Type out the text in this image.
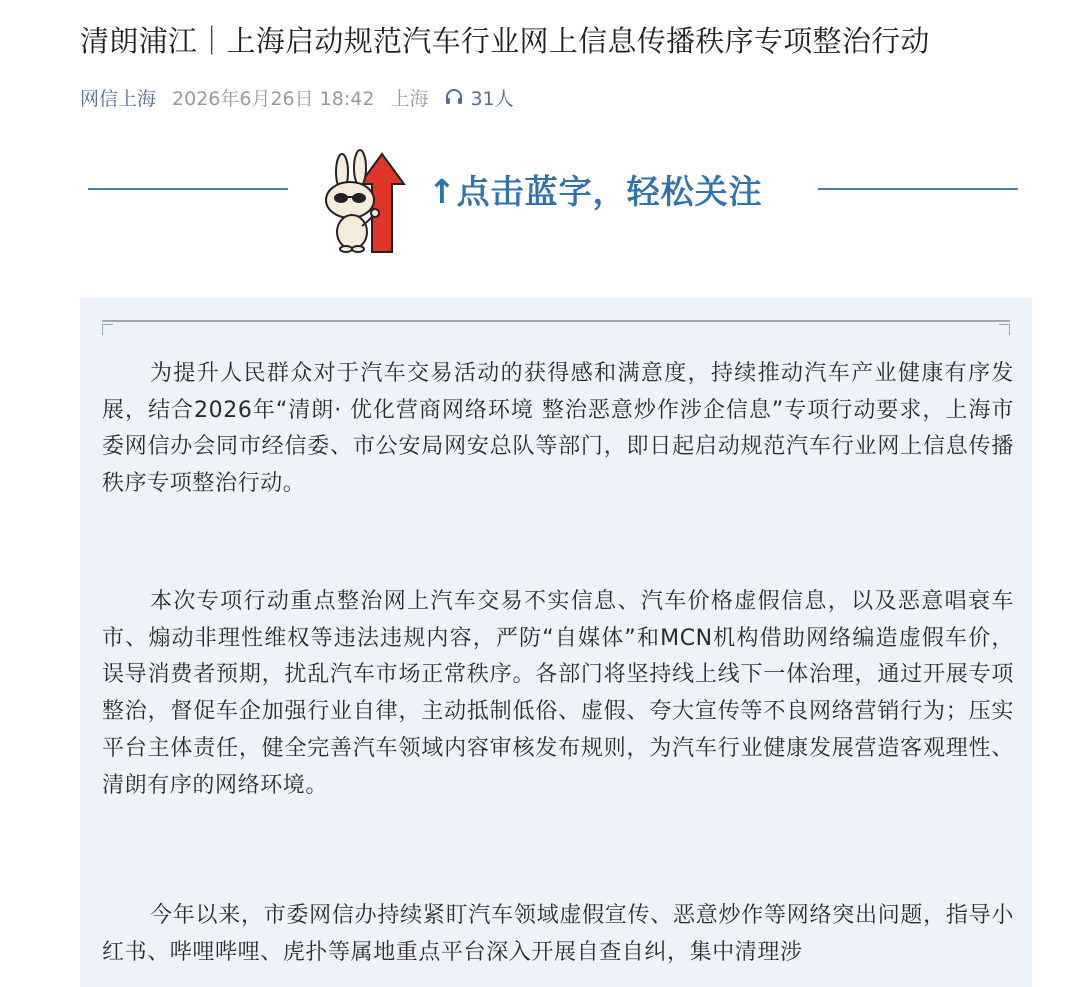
清朗浦江｜上海启动规范汽车行业网上信息传播秩序专项整治行动
网信上海 2026年6月26日 18:42 上海 31人
↑点击蓝字，轻松关注

为提升人民群众对于汽车交易活动的获得感和满意度，持续推动汽车产业健康有序发展，结合2026年“清朗· 优化营商网络环境 整治恶意炒作涉企信息”专项行动要求，上海市委网信办会同市经信委、市公安局网安总队等部门，即日起启动规范汽车行业网上信息传播秩序专项整治行动。

本次专项行动重点整治网上汽车交易不实信息、汽车价格虚假信息，以及恶意唱衰车市、煽动非理性维权等违法违规内容，严防“自媒体”和MCN机构借助网络编造虚假车价，误导消费者预期，扰乱汽车市场正常秩序。各部门将坚持线上线下一体治理，通过开展专项整治，督促车企加强行业自律，主动抵制低俗、虚假、夸大宣传等不良网络营销行为；压实平台主体责任，健全完善汽车领域内容审核发布规则，为汽车行业健康发展营造客观理性、清朗有序的网络环境。

今年以来，市委网信办持续紧盯汽车领域虚假宣传、恶意炒作等网络突出问题，指导小红书、哔哩哔哩、虎扑等属地重点平台深入开展自查自纠，集中清理涉
